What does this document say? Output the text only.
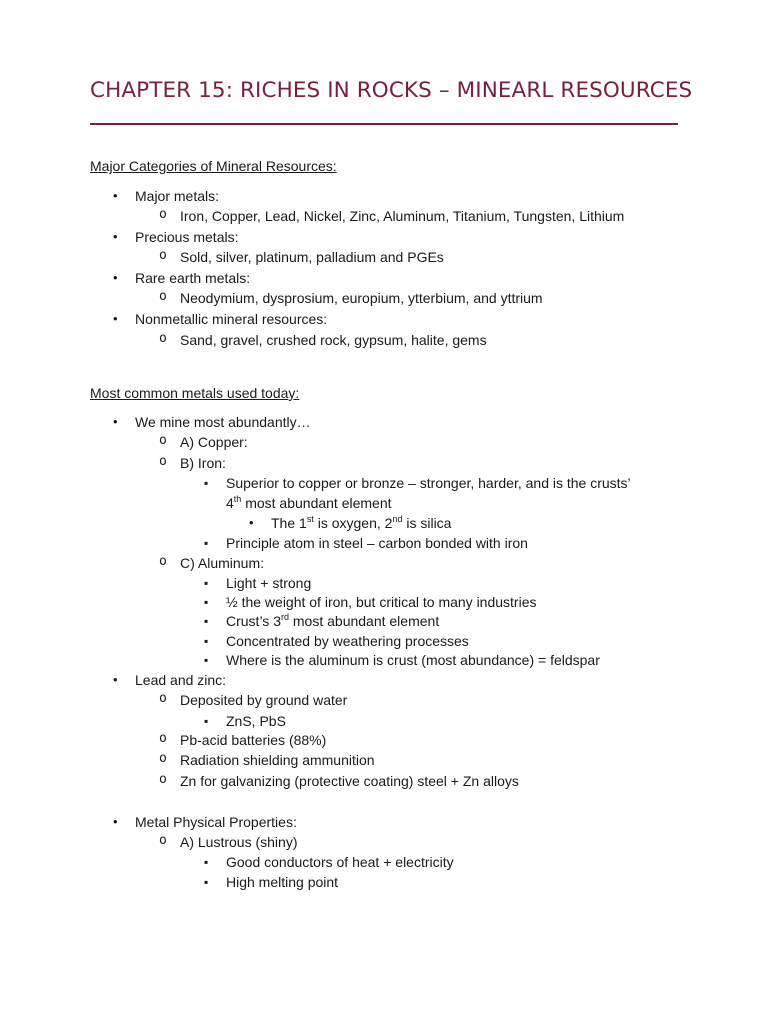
CHAPTER 15: RICHES IN ROCKS – MINEARL RESOURCES
Major Categories of Mineral Resources:
• Major metals:
o Iron, Copper, Lead, Nickel, Zinc, Aluminum, Titanium, Tungsten, Lithium
• Precious metals:
o Sold, silver, platinum, palladium and PGEs
• Rare earth metals:
o Neodymium, dysprosium, europium, ytterbium, and yttrium
• Nonmetallic mineral resources:
o Sand, gravel, crushed rock, gypsum, halite, gems
Most common metals used today:
• We mine most abundantly…
o A) Copper:
o B) Iron:
▪ Superior to copper or bronze – stronger, harder, and is the crusts’
4th most abundant element
• The 1st is oxygen, 2nd is silica
▪ Principle atom in steel – carbon bonded with iron
o C) Aluminum:
▪ Light + strong
▪ ½ the weight of iron, but critical to many industries
▪ Crust’s 3rd most abundant element
▪ Concentrated by weathering processes
▪ Where is the aluminum is crust (most abundance) = feldspar
• Lead and zinc:
o Deposited by ground water
▪ ZnS, PbS
o Pb-acid batteries (88%)
o Radiation shielding ammunition
o Zn for galvanizing (protective coating) steel + Zn alloys
• Metal Physical Properties:
o A) Lustrous (shiny)
▪ Good conductors of heat + electricity
▪ High melting point
